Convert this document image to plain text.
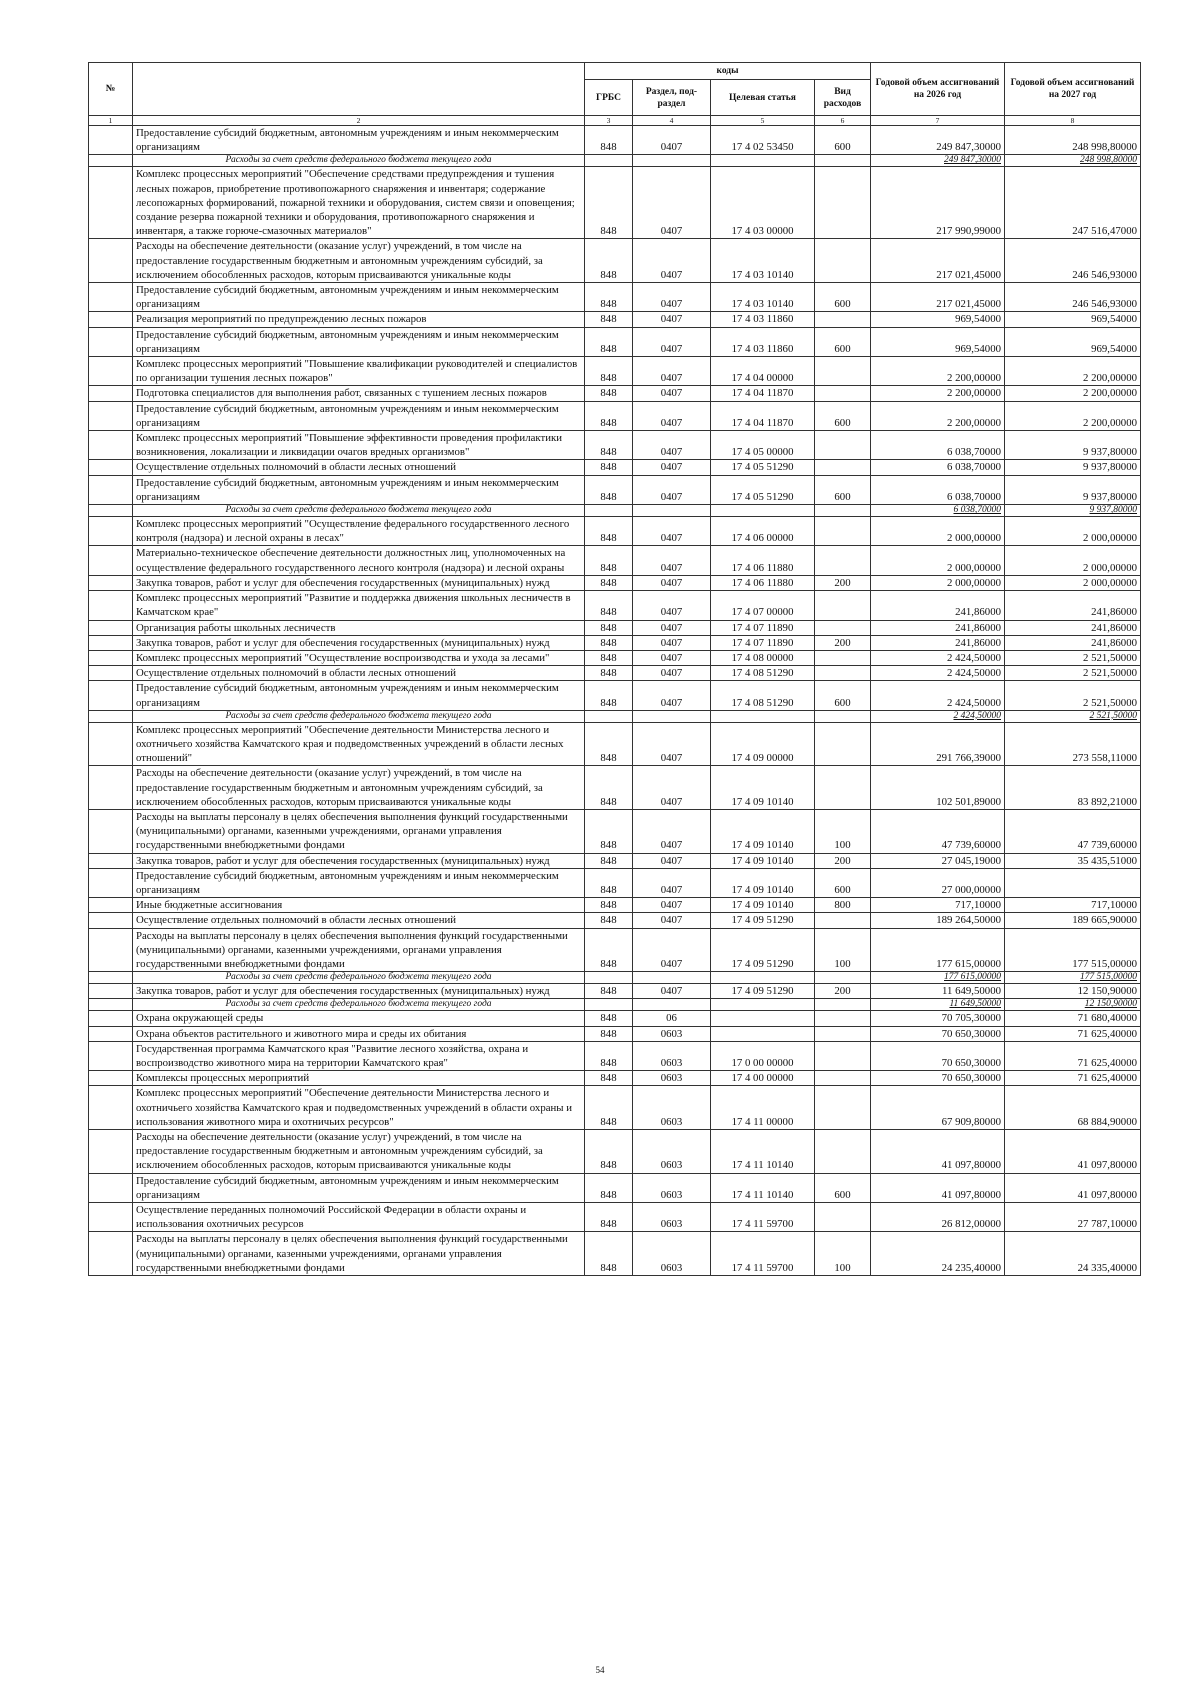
№		коды				Годовой объем ассигнований на 2026 год	Годовой объем ассигнований на 2027 год
		ГРБС	Раздел, под-раздел	Целевая статья	Вид расходов		
1	2	3	4	5	6	7	8
	Предоставление субсидий бюджетным, автономным учреждениям и иным некоммерческим организациям	848	0407	17 4 02 53450	600	249 847,30000	248 998,80000
	Расходы за счет средств федерального бюджета текущего года					249 847,30000	248 998,80000
	Комплекс процессных мероприятий "Обеспечение средствами предупреждения и тушения лесных пожаров, приобретение противопожарного снаряжения и инвентаря; содержание лесопожарных формирований, пожарной техники и оборудования, систем связи и оповещения; создание резерва пожарной техники и оборудования, противопожарного снаряжения и инвентаря, а также горюче-смазочных материалов"	848	0407	17 4 03 00000		217 990,99000	247 516,47000
	Расходы на обеспечение деятельности (оказание услуг) учреждений, в том числе на предоставление государственным бюджетным и автономным учреждениям субсидий, за исключением обособленных расходов, которым присваиваются уникальные коды	848	0407	17 4 03 10140		217 021,45000	246 546,93000
	Предоставление субсидий бюджетным, автономным учреждениям и иным некоммерческим организациям	848	0407	17 4 03 10140	600	217 021,45000	246 546,93000
	Реализация мероприятий по предупреждению лесных пожаров	848	0407	17 4 03 11860		969,54000	969,54000
	Предоставление субсидий бюджетным, автономным учреждениям и иным некоммерческим организациям	848	0407	17 4 03 11860	600	969,54000	969,54000
	Комплекс процессных мероприятий "Повышение квалификации руководителей и специалистов по организации тушения лесных пожаров"	848	0407	17 4 04 00000		2 200,00000	2 200,00000
	Подготовка специалистов для выполнения работ, связанных с тушением лесных пожаров	848	0407	17 4 04 11870		2 200,00000	2 200,00000
	Предоставление субсидий бюджетным, автономным учреждениям и иным некоммерческим организациям	848	0407	17 4 04 11870	600	2 200,00000	2 200,00000
	Комплекс процессных мероприятий "Повышение эффективности проведения профилактики возникновения, локализации и ликвидации очагов вредных организмов"	848	0407	17 4 05 00000		6 038,70000	9 937,80000
	Осуществление отдельных полномочий в области лесных отношений	848	0407	17 4 05 51290		6 038,70000	9 937,80000
	Предоставление субсидий бюджетным, автономным учреждениям и иным некоммерческим организациям	848	0407	17 4 05 51290	600	6 038,70000	9 937,80000
	Расходы за счет средств федерального бюджета текущего года					6 038,70000	9 937,80000
	Комплекс процессных мероприятий "Осуществление федерального государственного лесного контроля (надзора) и лесной охраны в лесах"	848	0407	17 4 06 00000		2 000,00000	2 000,00000
	Материально-техническое обеспечение деятельности должностных лиц, уполномоченных на осуществление федерального государственного лесного контроля (надзора) и лесной охраны	848	0407	17 4 06 11880		2 000,00000	2 000,00000
	Закупка товаров, работ и услуг для обеспечения государственных (муниципальных) нужд	848	0407	17 4 06 11880	200	2 000,00000	2 000,00000
	Комплекс процессных мероприятий "Развитие и поддержка движения школьных лесничеств в Камчатском крае"	848	0407	17 4 07 00000		241,86000	241,86000
	Организация работы школьных лесничеств	848	0407	17 4 07 11890		241,86000	241,86000
	Закупка товаров, работ и услуг для обеспечения государственных (муниципальных) нужд	848	0407	17 4 07 11890	200	241,86000	241,86000
	Комплекс процессных мероприятий "Осуществление воспроизводства и ухода за лесами"	848	0407	17 4 08 00000		2 424,50000	2 521,50000
	Осуществление отдельных полномочий в области лесных отношений	848	0407	17 4 08 51290		2 424,50000	2 521,50000
	Предоставление субсидий бюджетным, автономным учреждениям и иным некоммерческим организациям	848	0407	17 4 08 51290	600	2 424,50000	2 521,50000
	Расходы за счет средств федерального бюджета текущего года					2 424,50000	2 521,50000
	Комплекс процессных мероприятий "Обеспечение деятельности Министерства лесного и охотничьего хозяйства Камчатского края и подведомственных учреждений в области лесных отношений"	848	0407	17 4 09 00000		291 766,39000	273 558,11000
	Расходы на обеспечение деятельности (оказание услуг) учреждений, в том числе на предоставление государственным бюджетным и автономным учреждениям субсидий, за исключением обособленных расходов, которым присваиваются уникальные коды	848	0407	17 4 09 10140		102 501,89000	83 892,21000
	Расходы на выплаты персоналу в целях обеспечения выполнения функций государственными (муниципальными) органами, казенными учреждениями, органами управления государственными внебюджетными фондами	848	0407	17 4 09 10140	100	47 739,60000	47 739,60000
	Закупка товаров, работ и услуг для обеспечения государственных (муниципальных) нужд	848	0407	17 4 09 10140	200	27 045,19000	35 435,51000
	Предоставление субсидий бюджетным, автономным учреждениям и иным некоммерческим организациям	848	0407	17 4 09 10140	600	27 000,00000	
	Иные бюджетные ассигнования	848	0407	17 4 09 10140	800	717,10000	717,10000
	Осуществление отдельных полномочий в области лесных отношений	848	0407	17 4 09 51290		189 264,50000	189 665,90000
	Расходы на выплаты персоналу в целях обеспечения выполнения функций государственными (муниципальными) органами, казенными учреждениями, органами управления государственными внебюджетными фондами	848	0407	17 4 09 51290	100	177 615,00000	177 515,00000
	Расходы за счет средств федерального бюджета текущего года					177 615,00000	177 515,00000
	Закупка товаров, работ и услуг для обеспечения государственных (муниципальных) нужд	848	0407	17 4 09 51290	200	11 649,50000	12 150,90000
	Расходы за счет средств федерального бюджета текущего года					11 649,50000	12 150,90000
	Охрана окружающей среды	848	06			70 705,30000	71 680,40000
	Охрана объектов растительного и животного мира и среды их обитания	848	0603			70 650,30000	71 625,40000
	Государственная программа Камчатского края "Развитие лесного хозяйства, охрана и воспроизводство животного мира на территории Камчатского края"	848	0603	17 0 00 00000		70 650,30000	71 625,40000
	Комплексы процессных мероприятий	848	0603	17 4 00 00000		70 650,30000	71 625,40000
	Комплекс процессных мероприятий "Обеспечение деятельности Министерства лесного и охотничьего хозяйства Камчатского края и подведомственных учреждений в области охраны и использования животного мира и охотничьих ресурсов"	848	0603	17 4 11 00000		67 909,80000	68 884,90000
	Расходы на обеспечение деятельности (оказание услуг) учреждений, в том числе на предоставление государственным бюджетным и автономным учреждениям субсидий, за исключением обособленных расходов, которым присваиваются уникальные коды	848	0603	17 4 11 10140		41 097,80000	41 097,80000
	Предоставление субсидий бюджетным, автономным учреждениям и иным некоммерческим организациям	848	0603	17 4 11 10140	600	41 097,80000	41 097,80000
	Осуществление переданных полномочий Российской Федерации в области охраны и использования охотничьих ресурсов	848	0603	17 4 11 59700		26 812,00000	27 787,10000
	Расходы на выплаты персоналу в целях обеспечения выполнения функций государственными (муниципальными) органами, казенными учреждениями, органами управления государственными внебюджетными фондами	848	0603	17 4 11 59700	100	24 235,40000	24 335,40000
54
